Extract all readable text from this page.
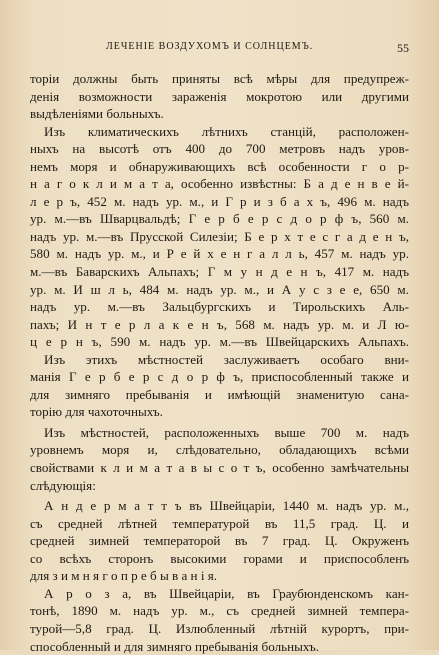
ЛЕЧЕНІЕ ВОЗДУХОМЪ И СОЛНЦЕМЪ.	55
торіи должны быть приняты всѣ мѣры для предупреж-
денія возможности зараженія мокротою или другими
выдѣленіями больныхъ.
Изъ климатическихъ лѣтнихъ станцій, расположен-
ныхъ на высотѣ отъ 400 до 700 метровъ надъ уров-
немъ моря и обнаруживающихъ всѣ особенности г о р-
н а г о к л и м а т а, особенно извѣстны: Б а д е н в е й-
л е р ъ, 452 м. надъ ур. м., и Г р и з б а х ъ, 496 м. надъ
ур. м.—въ Шварцвальдѣ; Г е р б е р с д о р ф ъ, 560 м.
надъ ур. м.—въ Прусской Силезіи; Б е р х т е с г а д е н ъ,
580 м. надъ ур. м., и Р е й х е н г а л л ь, 457 м. надъ ур.
м.—въ Баварскихъ Альпахъ; Г м у н д е н ъ, 417 м. надъ
ур. м. И ш л ь, 484 м. надъ ур. м., и А у с з е е, 650 м.
надъ ур. м.—въ Зальцбургскихъ и Тирольскихъ Аль-
пахъ; И н т е р л а к е н ъ, 568 м. надъ ур. м. и Л ю-
ц е р н ъ, 590 м. надъ ур. м.—въ Швейцарскихъ Альпахъ.
Изъ этихъ мѣстностей заслуживаетъ особаго вни-
манія Г е р б е р с д о р ф ъ, приспособленный также и
для зимняго пребыванія и имѣющій знаменитую сана-
торію для чахоточныхъ.
Изъ мѣстностей, расположенныхъ выше 700 м. надъ
уровнемъ моря и, слѣдовательно, обладающихъ всѣми
свойствами к л и м а т а в ы с о т ъ, особенно замѣчательны
слѣдующія:
А н д е р м а т т ъ въ Швейцаріи, 1440 м. надъ ур. м.,
съ средней лѣтней температурой въ 11,5 град. Ц. и
средней зимней температорой въ 7 град. Ц. Окруженъ
со всѣхъ сторонъ высокими горами и приспособленъ
для з и м н я г о п р е б ы в а н і я.
А р о з а, въ Швейцаріи, въ Граубюнденскомъ кан-
тонѣ, 1890 м. надъ ур. м., съ средней зимней темпера-
турой—5,8 град. Ц. Излюбленный лѣтній курортъ, при-
способленный и для зимняго пребыванія больныхъ.
